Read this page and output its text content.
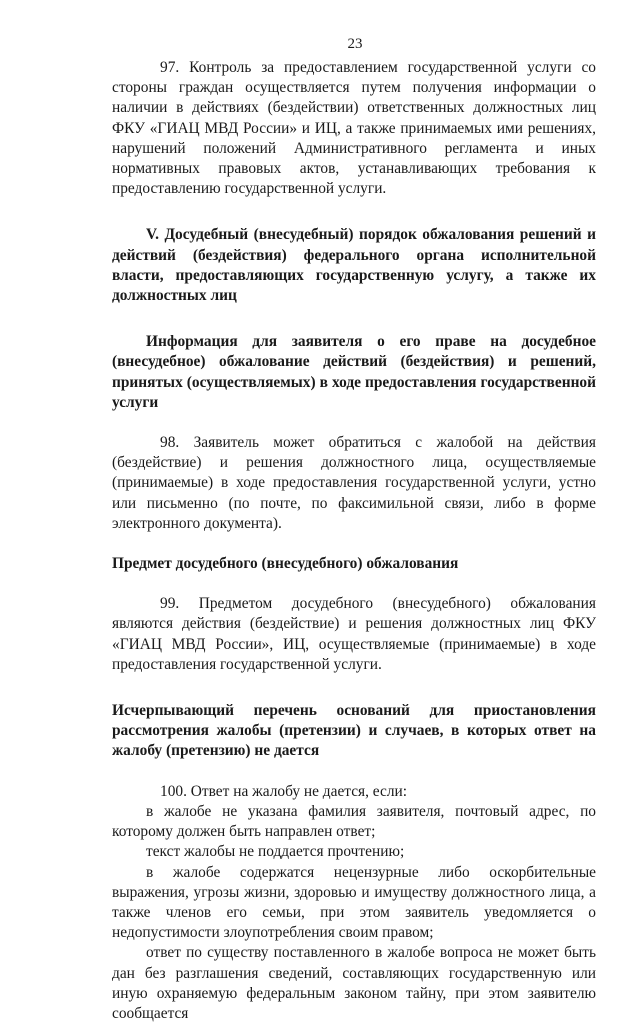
23

97. Контроль за предоставлением государственной услуги со стороны граждан осуществляется путем получения информации о наличии в действиях (бездействии) ответственных должностных лиц ФКУ «ГИАЦ МВД России» и ИЦ, а также принимаемых ими решениях, нарушений положений Административного регламента и иных нормативных правовых актов, устанавливающих требования к предоставлению государственной услуги.

V. Досудебный (внесудебный) порядок обжалования решений и действий (бездействия) федерального органа исполнительной власти, предоставляющих государственную услугу, а также их должностных лиц

Информация для заявителя о его праве на досудебное (внесудебное) обжалование действий (бездействия) и решений, принятых (осуществляемых) в ходе предоставления государственной услуги

98. Заявитель может обратиться с жалобой на действия (бездействие) и решения должностного лица, осуществляемые (принимаемые) в ходе предоставления государственной услуги, устно или письменно (по почте, по факсимильной связи, либо в форме электронного документа).

Предмет досудебного (внесудебного) обжалования

99. Предметом досудебного (внесудебного) обжалования являются действия (бездействие) и решения должностных лиц ФКУ «ГИАЦ МВД России», ИЦ, осуществляемые (принимаемые) в ходе предоставления государственной услуги.

Исчерпывающий перечень оснований для приостановления рассмотрения жалобы (претензии) и случаев, в которых ответ на жалобу (претензию) не дается

100. Ответ на жалобу не дается, если:

в жалобе не указана фамилия заявителя, почтовый адрес, по которому должен быть направлен ответ;

текст жалобы не поддается прочтению;

в жалобе содержатся нецензурные либо оскорбительные выражения, угрозы жизни, здоровью и имуществу должностного лица, а также членов его семьи, при этом заявитель уведомляется о недопустимости злоупотребления своим правом;

ответ по существу поставленного в жалобе вопроса не может быть дан без разглашения сведений, составляющих государственную или иную охраняемую федеральным законом тайну, при этом заявителю сообщается
